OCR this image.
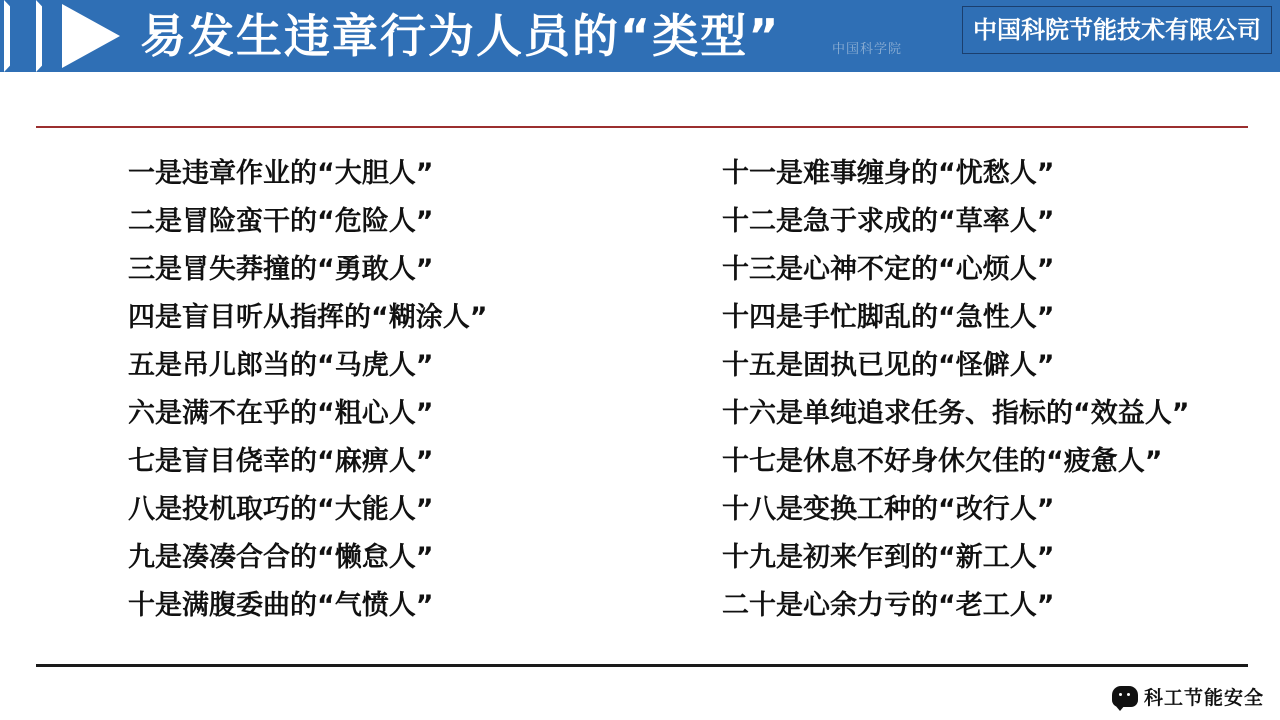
易发生违章行为人员的“类型”	中国科学院
中国科院节能技术有限公司
一是违章作业的“大胆人”
二是冒险蛮干的“危险人”
三是冒失莽撞的“勇敢人”
四是盲目听从指挥的“糊涂人”
五是吊儿郎当的“马虎人”
六是满不在乎的“粗心人”
七是盲目侥幸的“麻痹人”
八是投机取巧的“大能人”
九是凑凑合合的“懒怠人”
十是满腹委曲的“气愤人”
十一是难事缠身的“忧愁人”
十二是急于求成的“草率人”
十三是心神不定的“心烦人”
十四是手忙脚乱的“急性人”
十五是固执已见的“怪僻人”
十六是单纯追求任务、指标的“效益人”
十七是休息不好身休欠佳的“疲惫人”
十八是变换工种的“改行人”
十九是初来乍到的“新工人”
二十是心余力亏的“老工人”
科工节能安全
